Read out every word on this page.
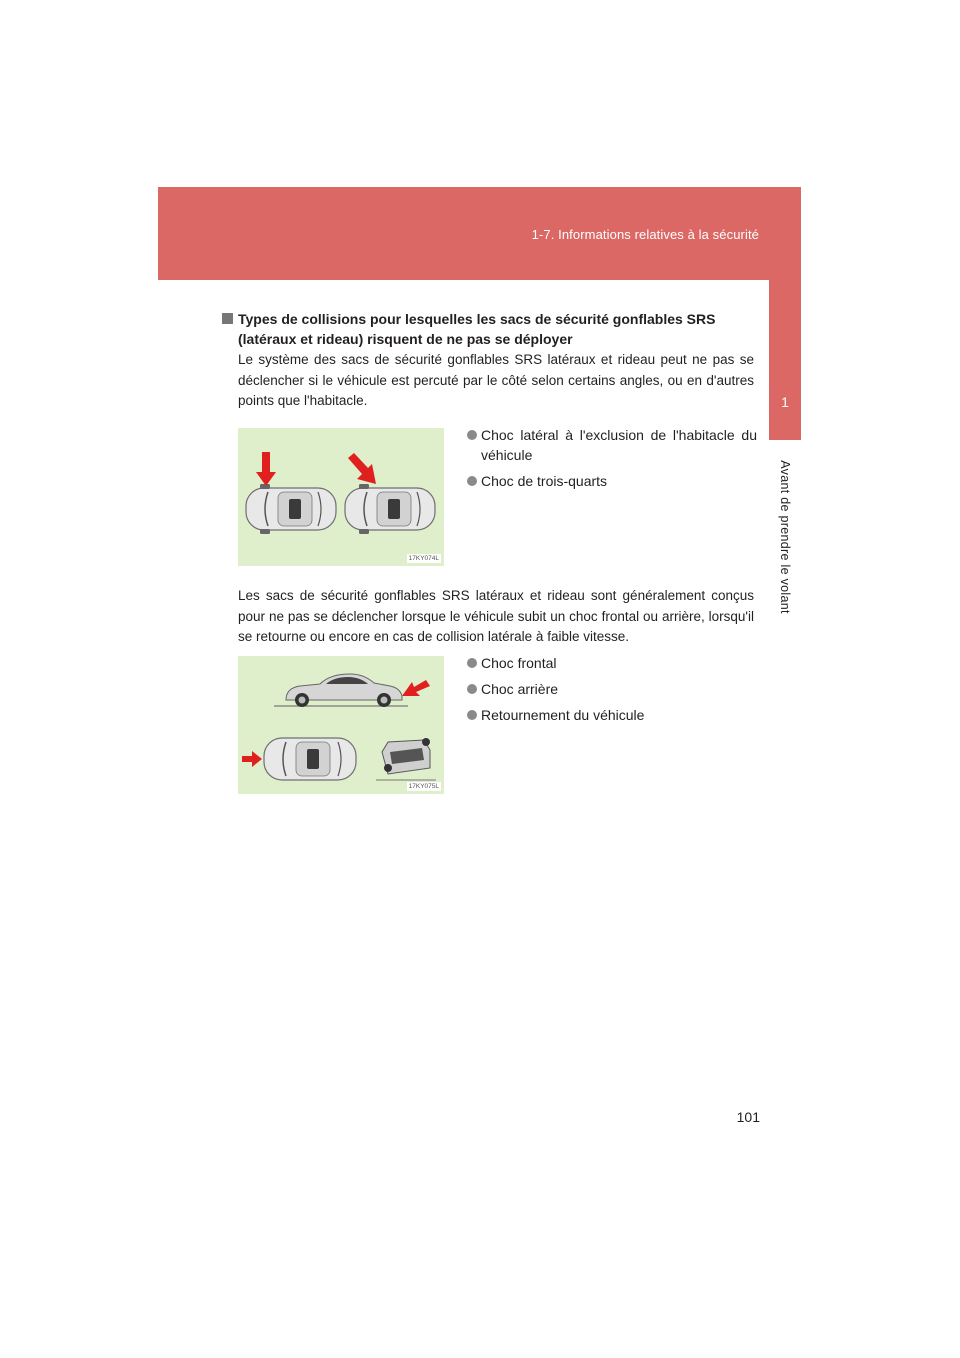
1-7. Informations relatives à la sécurité
1
Avant de prendre le volant
Types de collisions pour lesquelles les sacs de sécurité gonflables SRS (latéraux et rideau) risquent de ne pas se déployer
Le système des sacs de sécurité gonflables SRS latéraux et rideau peut ne pas se déclencher si le véhicule est percuté par le côté selon certains angles, ou en d'autres points que l'habitacle.
17KY074L
Choc latéral à l'exclusion de l'habitacle du véhicule
Choc de trois-quarts
Les sacs de sécurité gonflables SRS latéraux et rideau sont généralement conçus pour ne pas se déclencher lorsque le véhicule subit un choc frontal ou arrière, lorsqu'il se retourne ou encore en cas de collision latérale à faible vitesse.
17KY075L
Choc frontal
Choc arrière
Retournement du véhicule
101
